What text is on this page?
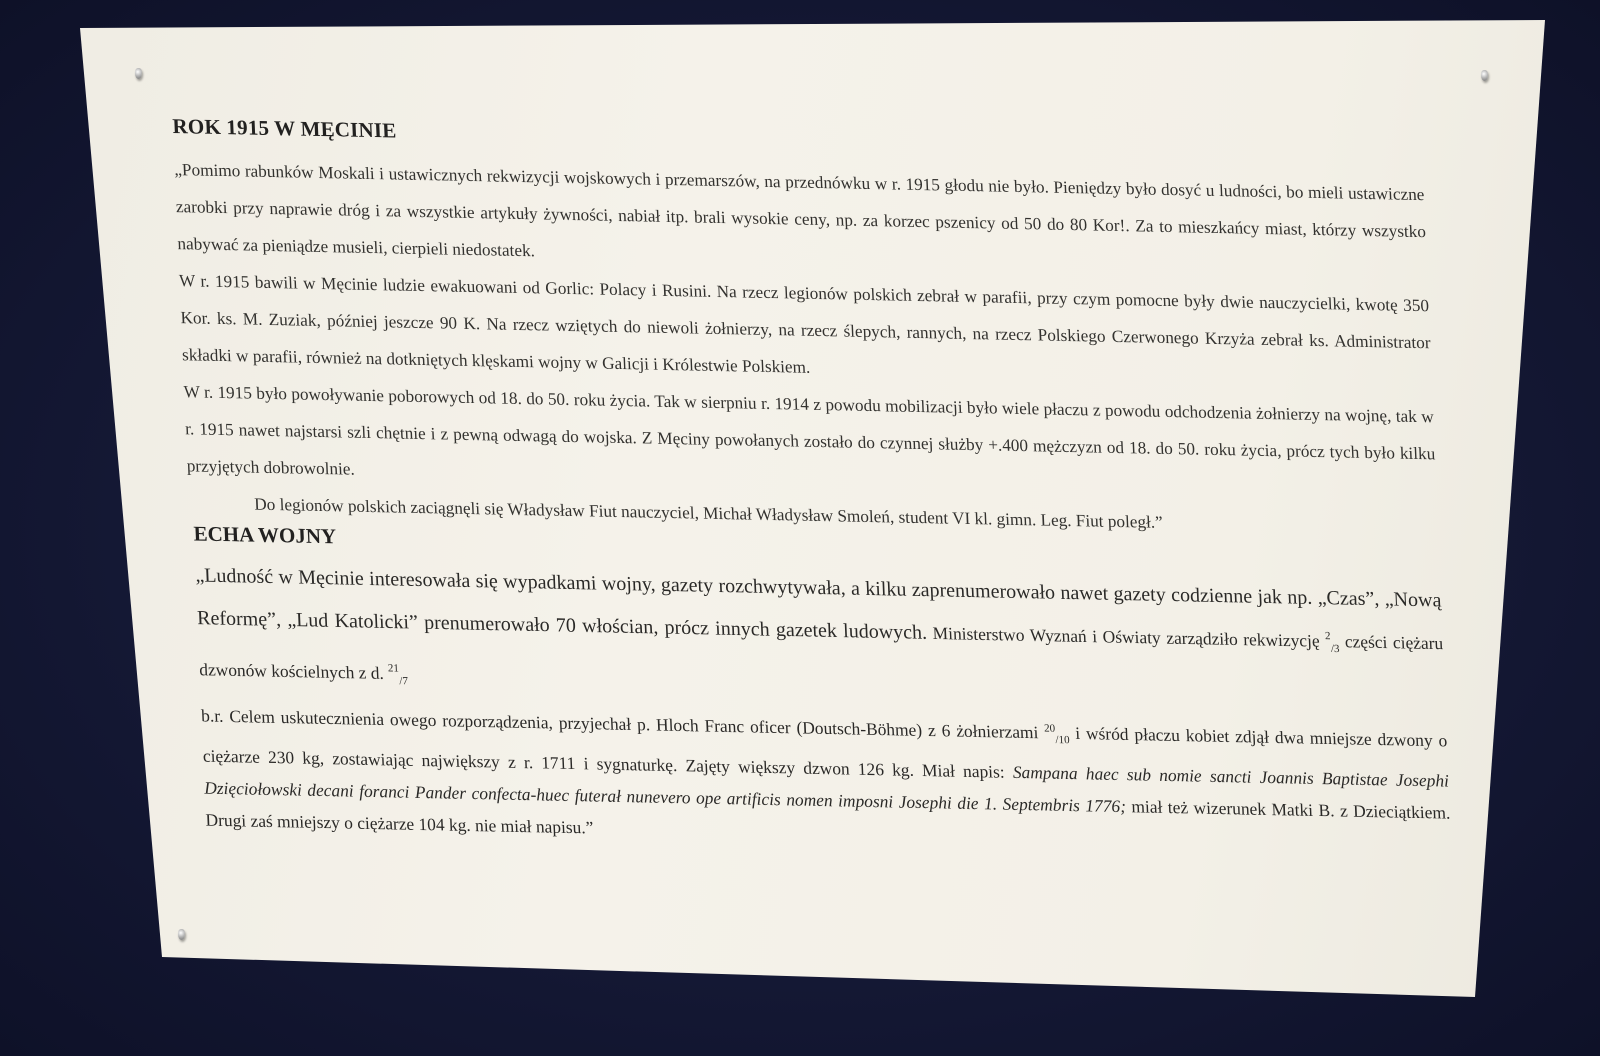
ROK 1915 W MĘCINIE

„Pomimo rabunków Moskali i ustawicznych rekwizycji wojskowych i przemarszów, na przednówku w r. 1915 głodu nie było. Pieniędzy było dosyć u ludności, bo mieli ustawiczne zarobki przy naprawie dróg i za wszystkie artykuły żywności, nabiał itp. brali wysokie ceny, np. za korzec pszenicy od 50 do 80 Kor!. Za to mieszkańcy miast, którzy wszystko nabywać za pieniądze musieli, cierpieli niedostatek.

W r. 1915 bawili w Męcinie ludzie ewakuowani od Gorlic: Polacy i Rusini. Na rzecz legionów polskich zebrał w parafii, przy czym pomocne były dwie nauczycielki, kwotę 350 Kor. ks. M. Zuziak, później jeszcze 90 K. Na rzecz wziętych do niewoli żołnierzy, na rzecz ślepych, rannych, na rzecz Polskiego Czerwonego Krzyża zebrał ks. Administrator składki w parafii, również na dotkniętych klęskami wojny w Galicji i Królestwie Polskiem.

W r. 1915 było powoływanie poborowych od 18. do 50. roku życia. Tak w sierpniu r. 1914 z powodu mobilizacji było wiele płaczu z powodu odchodzenia żołnierzy na wojnę, tak w r. 1915 nawet najstarsi szli chętnie i z pewną odwagą do wojska. Z Męciny powołanych zostało do czynnej służby +.400 mężczyzn od 18. do 50. roku życia, prócz tych było kilku przyjętych dobrowolnie.

Do legionów polskich zaciągnęli się Władysław Fiut nauczyciel, Michał Władysław Smoleń, student VI kl. gimn. Leg. Fiut poległ.”

ECHA WOJNY

„Ludność w Męcinie interesowała się wypadkami wojny, gazety rozchwytywała, a kilku zaprenumerowało nawet gazety codzienne jak np. „Czas”, „Nową Reformę”, „Lud Katolicki” prenumerowało 70 włościan, prócz innych gazetek ludowych. Ministerstwo Wyznań i Oświaty zarządziło rekwizycję $^2_{/3}$ części ciężaru dzwonów kościelnych z d. $^{21}_{/7}$

b.r. Celem uskutecznienia owego rozporządzenia, przyjechał p. Hloch Franc oficer (Doutsch-Böhme) z 6 żołnierzami $^{20}_{/10}$ i wśród płaczu kobiet zdjął dwa mniejsze dzwony o ciężarze 230 kg, zostawiając największy z r. 1711 i sygnaturkę. Zajęty większy dzwon 126 kg. Miał napis: Sampana haec sub nomie sancti Joannis Baptistae Josephi Dzięciołowski decani foranci Pander confecta-huec futerał nunevero ope artificis nomen imposni Josephi die 1. Septembris 1776; miał też wizerunek Matki B. z Dzieciątkiem. Drugi zaś mniejszy o ciężarze 104 kg. nie miał napisu.”
